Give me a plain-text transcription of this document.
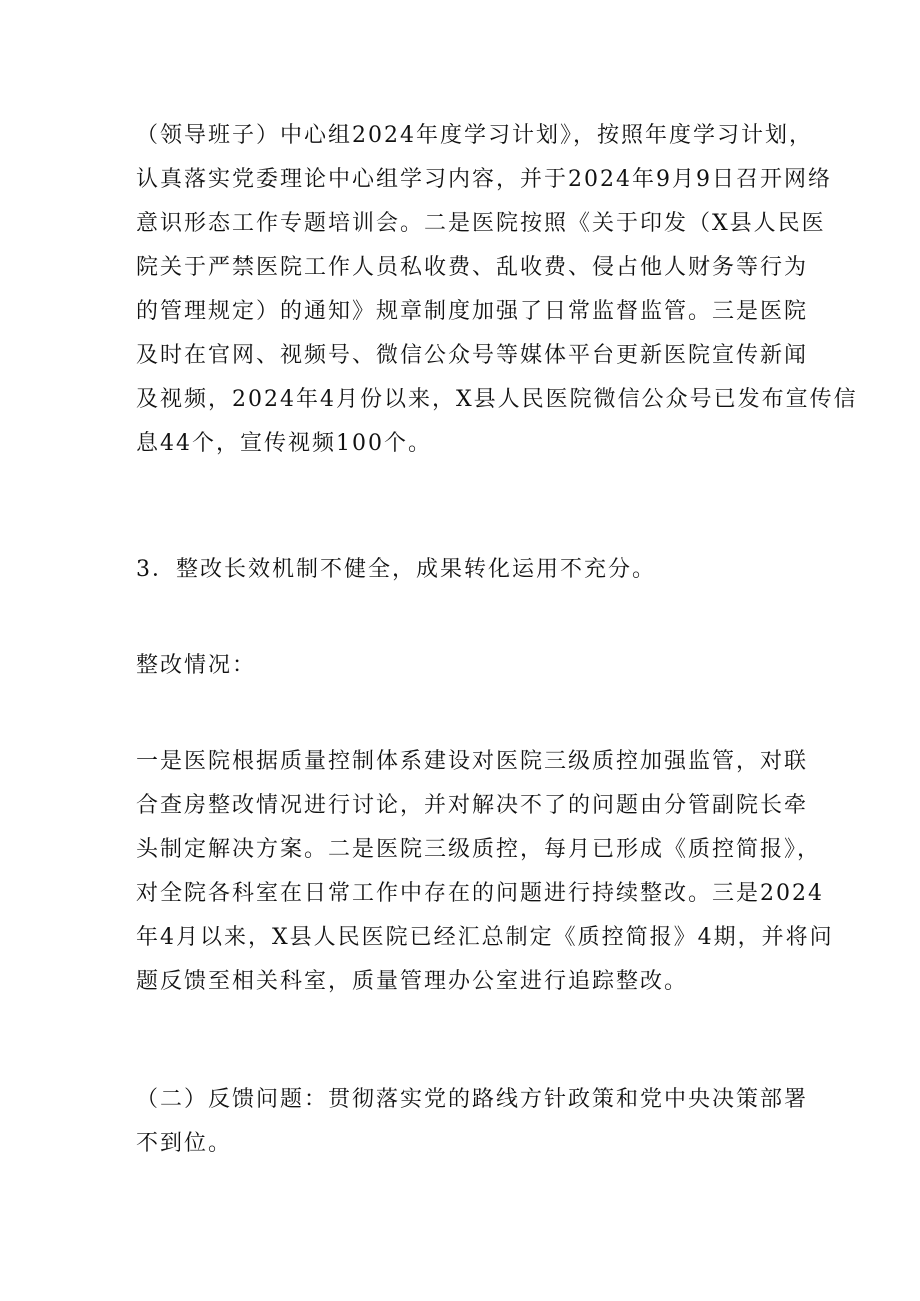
（领导班子）中心组2024年度学习计划》，按照年度学习计划，
认真落实党委理论中心组学习内容，并于2024年9月9日召开网络
意识形态工作专题培训会。二是医院按照《关于印发（X县人民医
院关于严禁医院工作人员私收费、乱收费、侵占他人财务等行为
的管理规定）的通知》规章制度加强了日常监督监管。三是医院
及时在官网、视频号、微信公众号等媒体平台更新医院宣传新闻
及视频，2024年4月份以来，X县人民医院微信公众号已发布宣传信
息44个，宣传视频100个。
3．整改长效机制不健全，成果转化运用不充分。
整改情况：
一是医院根据质量控制体系建设对医院三级质控加强监管，对联
合查房整改情况进行讨论，并对解决不了的问题由分管副院长牵
头制定解决方案。二是医院三级质控，每月已形成《质控简报》，
对全院各科室在日常工作中存在的问题进行持续整改。三是2024
年4月以来，X县人民医院已经汇总制定《质控简报》4期，并将问
题反馈至相关科室，质量管理办公室进行追踪整改。
（二）反馈问题：贯彻落实党的路线方针政策和党中央决策部署
不到位。
